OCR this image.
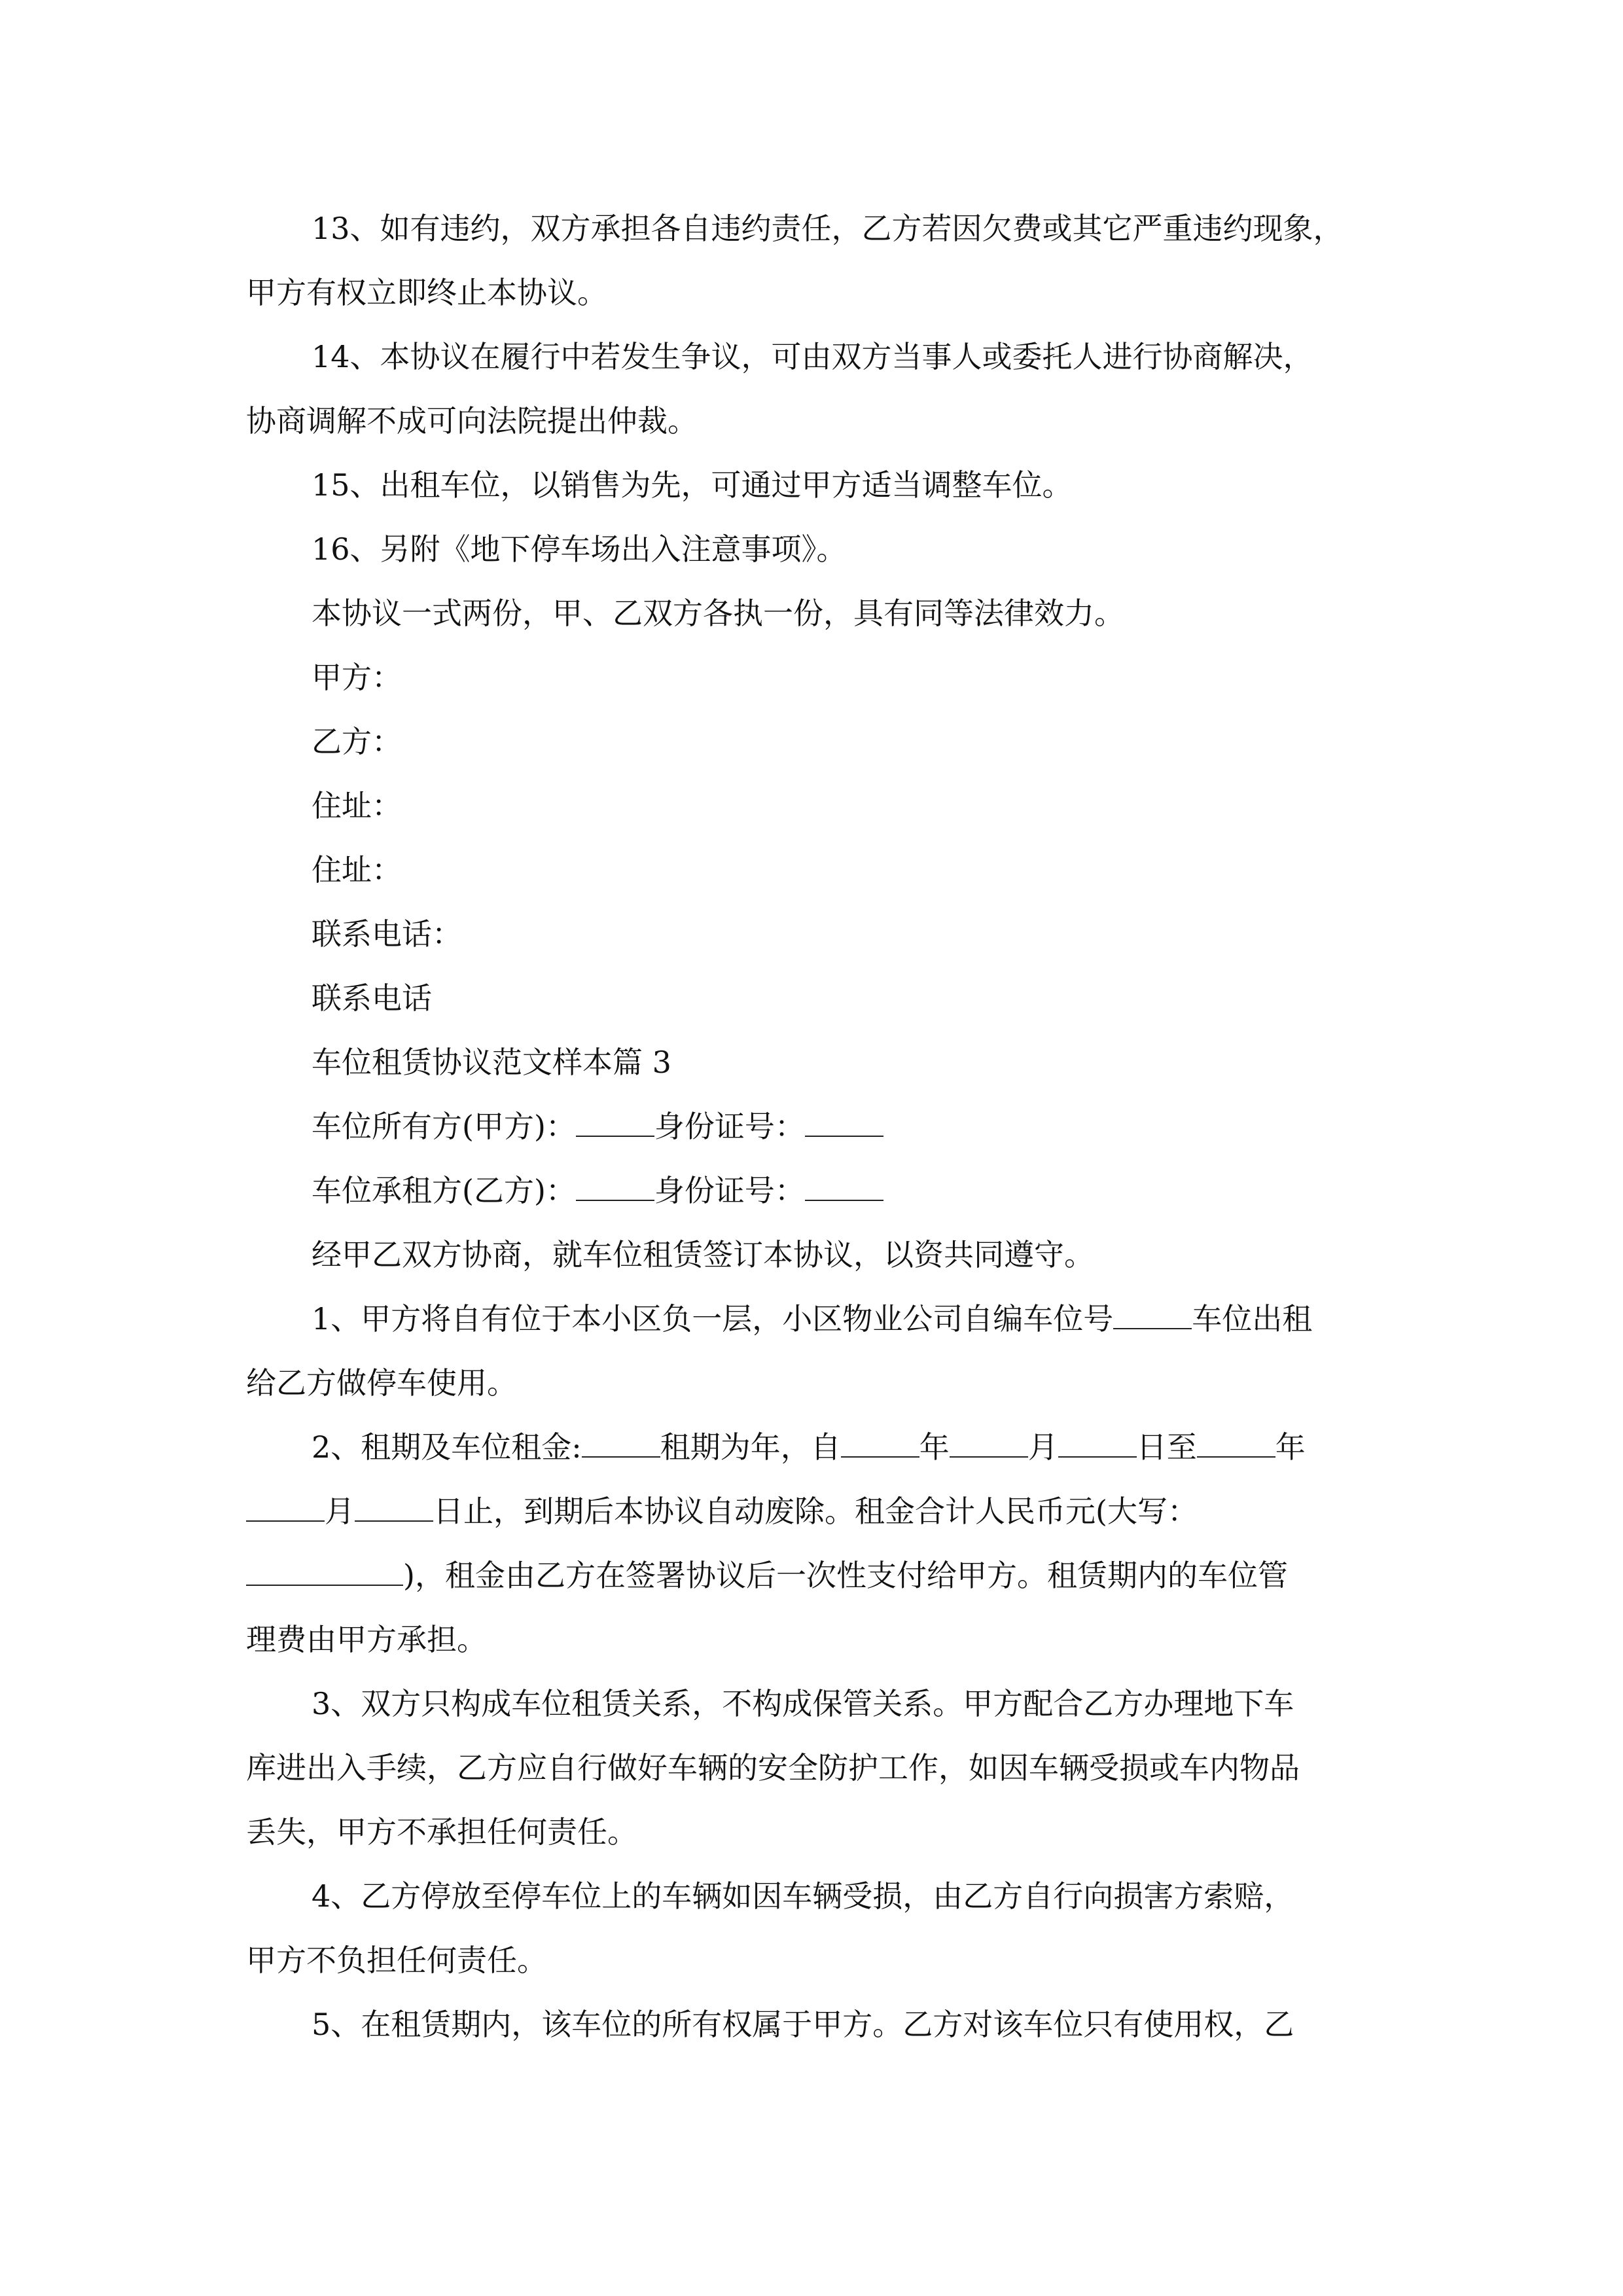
13、如有违约，双方承担各自违约责任，乙方若因欠费或其它严重违约现象，
甲方有权立即终止本协议。
14、本协议在履行中若发生争议，可由双方当事人或委托人进行协商解决，
协商调解不成可向法院提出仲裁。
15、出租车位，以销售为先，可通过甲方适当调整车位。
16、另附《地下停车场出入注意事项》。
本协议一式两份，甲、乙双方各执一份，具有同等法律效力。
甲方：
乙方：
住址：
住址：
联系电话：
联系电话
车位租赁协议范文样本篇 3
车位所有方(甲方)：	身份证号：
车位承租方(乙方)：	身份证号：
经甲乙双方协商，就车位租赁签订本协议，以资共同遵守。
1、甲方将自有位于本小区负一层，小区物业公司自编车位号	车位出租
给乙方做停车使用。
2、租期及车位租金:	租期为年，自	年	月	日至	年
月	日止，到期后本协议自动废除。租金合计人民币元(大写：
)，租金由乙方在签署协议后一次性支付给甲方。租赁期内的车位管
理费由甲方承担。
3、双方只构成车位租赁关系，不构成保管关系。甲方配合乙方办理地下车
库进出入手续，乙方应自行做好车辆的安全防护工作，如因车辆受损或车内物品
丢失，甲方不承担任何责任。
4、乙方停放至停车位上的车辆如因车辆受损，由乙方自行向损害方索赔，
甲方不负担任何责任。
5、在租赁期内，该车位的所有权属于甲方。乙方对该车位只有使用权，乙
